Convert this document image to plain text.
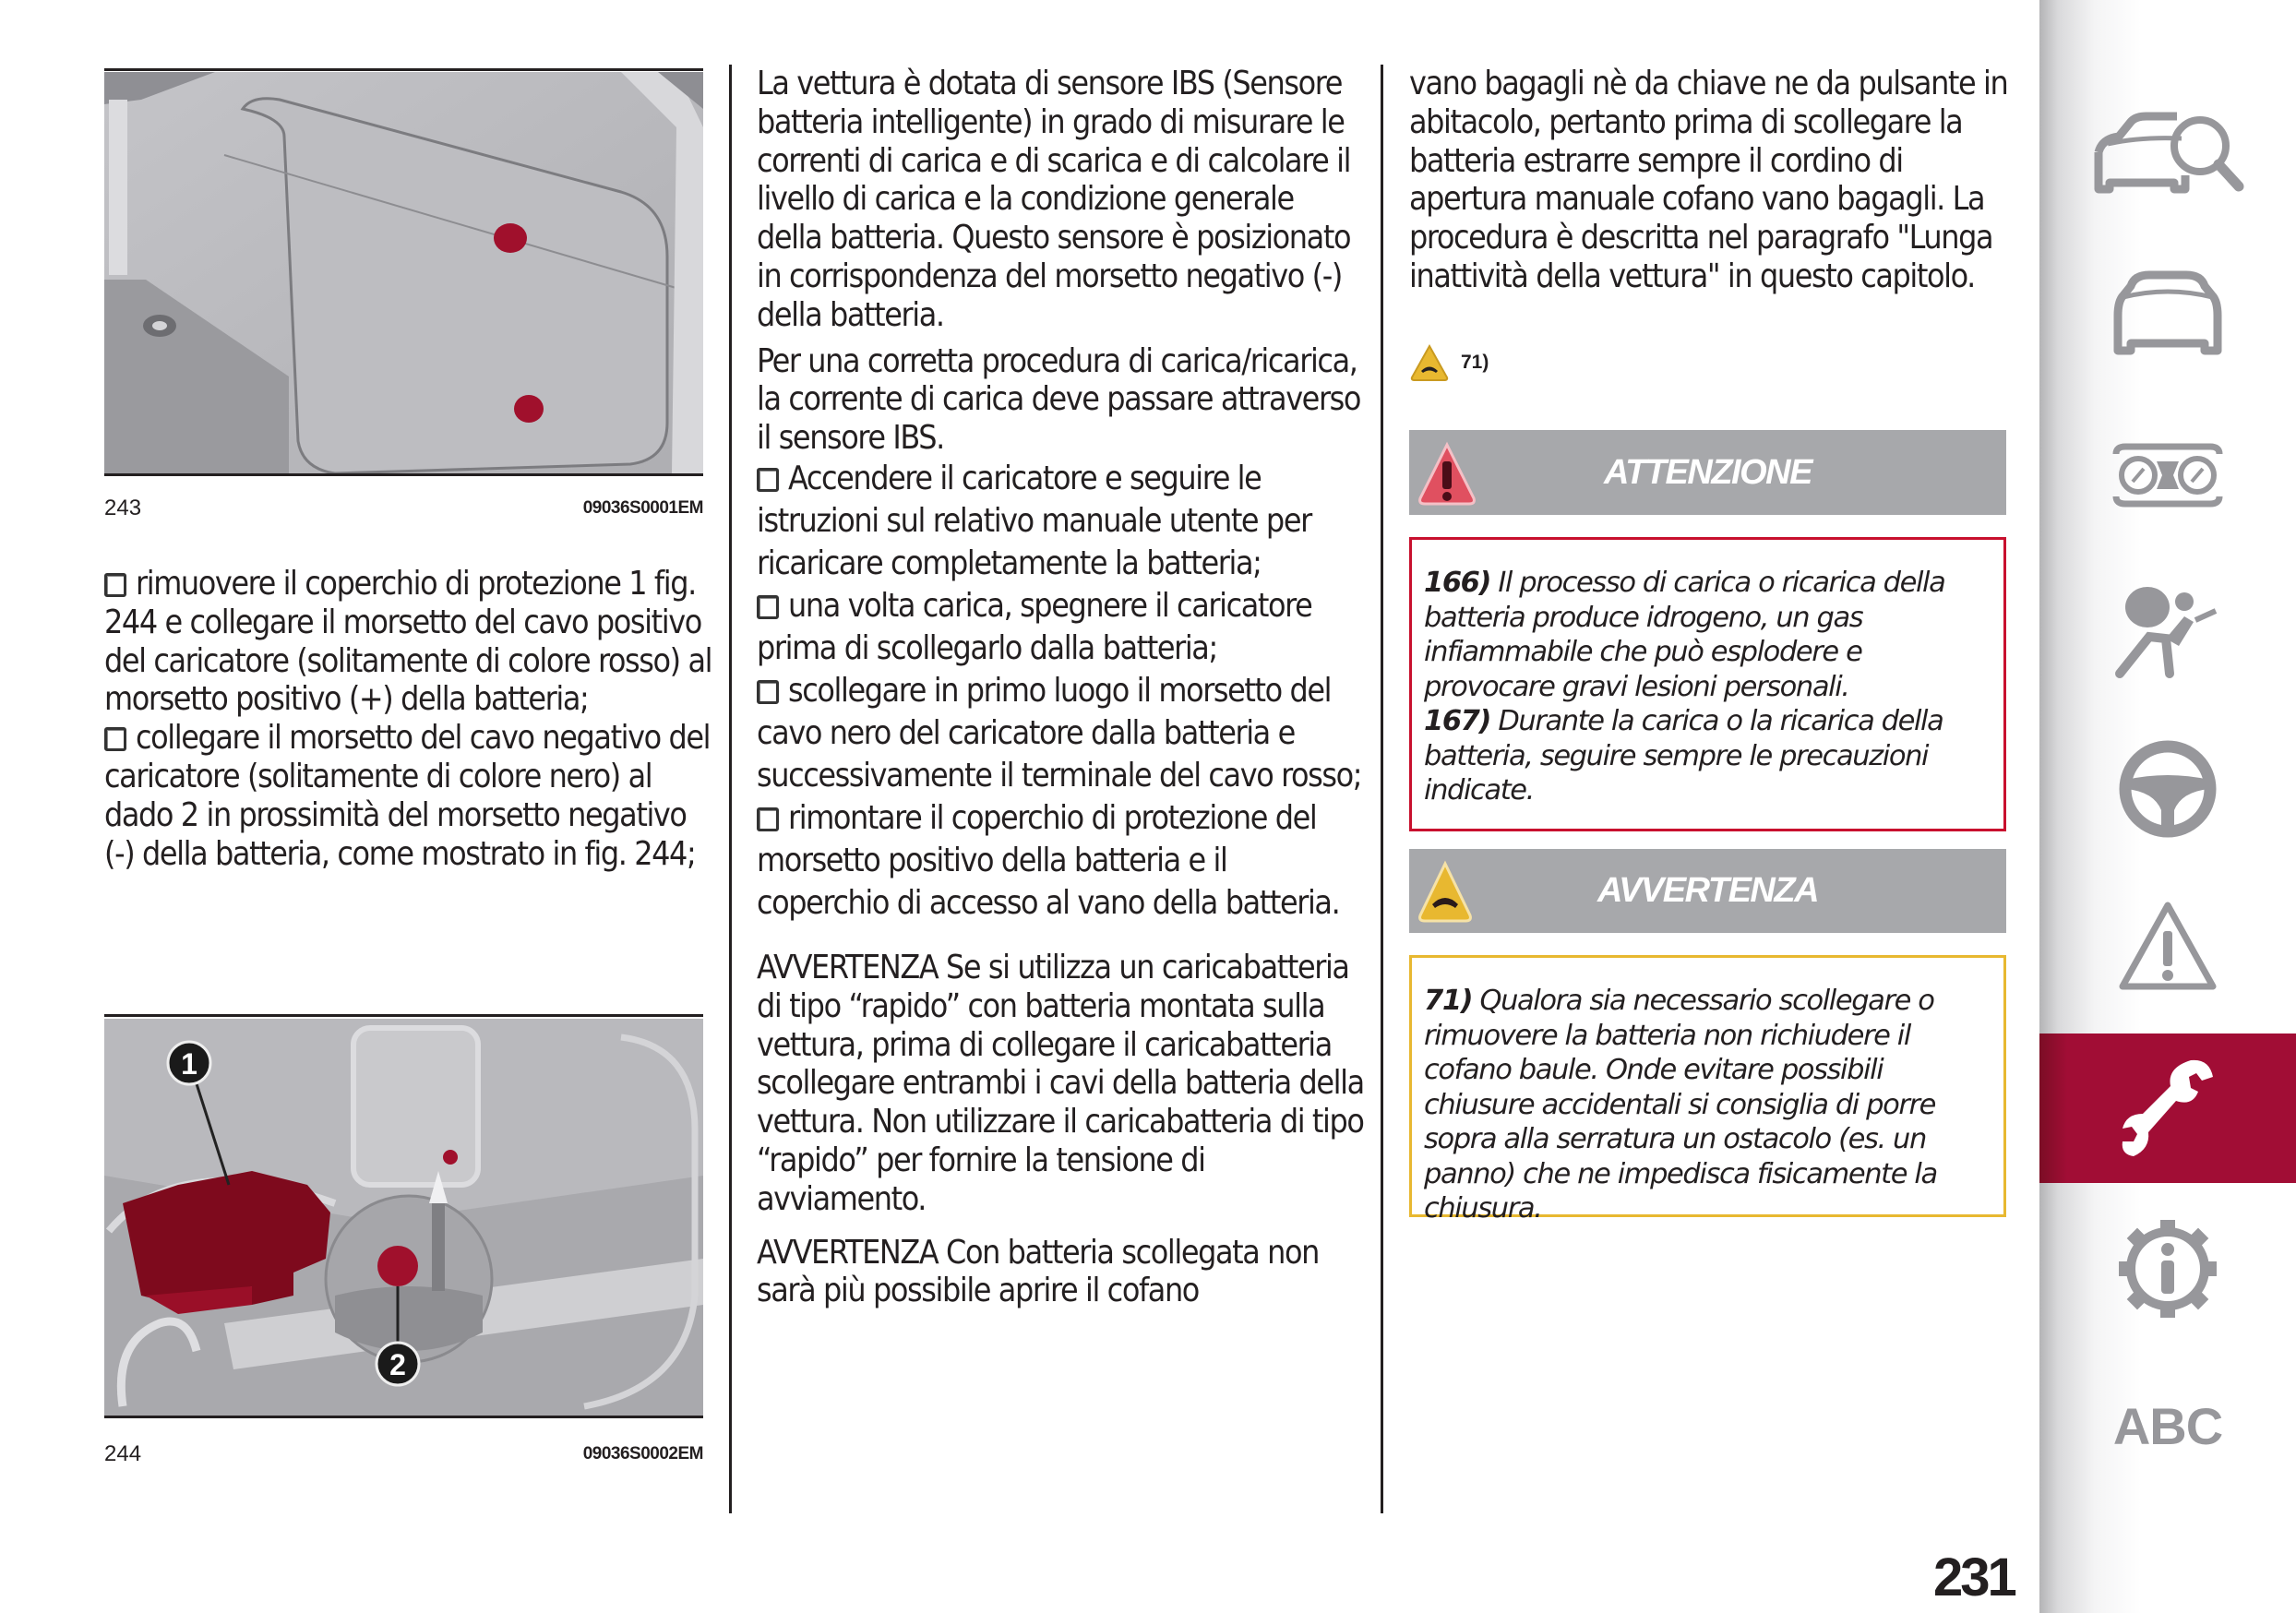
243	09036S0001EM

rimuovere il coperchio di protezione 1 fig. 244 e collegare il morsetto del cavo positivo del caricatore (solitamente di colore rosso) al morsetto positivo (+) della batteria;

collegare il morsetto del cavo negativo del caricatore (solitamente di colore nero) al dado 2 in prossimità del morsetto negativo (-) della batteria, come mostrato in fig. 244;

1
2
244	09036S0002EM

La vettura è dotata di sensore IBS (Sensore batteria intelligente) in grado di misurare le correnti di carica e di scarica e di calcolare il livello di carica e la condizione generale della batteria. Questo sensore è posizionato in corrispondenza del morsetto negativo (-) della batteria.

Per una corretta procedura di carica/ricarica, la corrente di carica deve passare attraverso il sensore IBS.

Accendere il caricatore e seguire le istruzioni sul relativo manuale utente per ricaricare completamente la batteria;

una volta carica, spegnere il caricatore prima di scollegarlo dalla batteria;

scollegare in primo luogo il morsetto del cavo nero del caricatore dalla batteria e successivamente il terminale del cavo rosso;

rimontare il coperchio di protezione del morsetto positivo della batteria e il coperchio di accesso al vano della batteria.

AVVERTENZA Se si utilizza un caricabatteria di tipo “rapido” con batteria montata sulla vettura, prima di collegare il caricabatteria scollegare entrambi i cavi della batteria della vettura. Non utilizzare il caricabatteria di tipo “rapido” per fornire la tensione di avviamento.

AVVERTENZA Con batteria scollegata non sarà più possibile aprire il cofano

vano bagagli nè da chiave ne da pulsante in abitacolo, pertanto prima di scollegare la batteria estrarre sempre il cordino di apertura manuale cofano vano bagagli. La procedura è descritta nel paragrafo "Lunga inattività della vettura" in questo capitolo.

71)
ATTENZIONE
166) Il processo di carica o ricarica della batteria produce idrogeno, un gas infiammabile che può esplodere e provocare gravi lesioni personali.
167) Durante la carica o la ricarica della batteria, seguire sempre le precauzioni indicate.
AVVERTENZA
71) Qualora sia necessario scollegare o rimuovere la batteria non richiudere il cofano baule. Onde evitare possibili chiusure accidentali si consiglia di porre sopra alla serratura un ostacolo (es. un panno) che ne impedisca fisicamente la chiusura.
231
ABC
